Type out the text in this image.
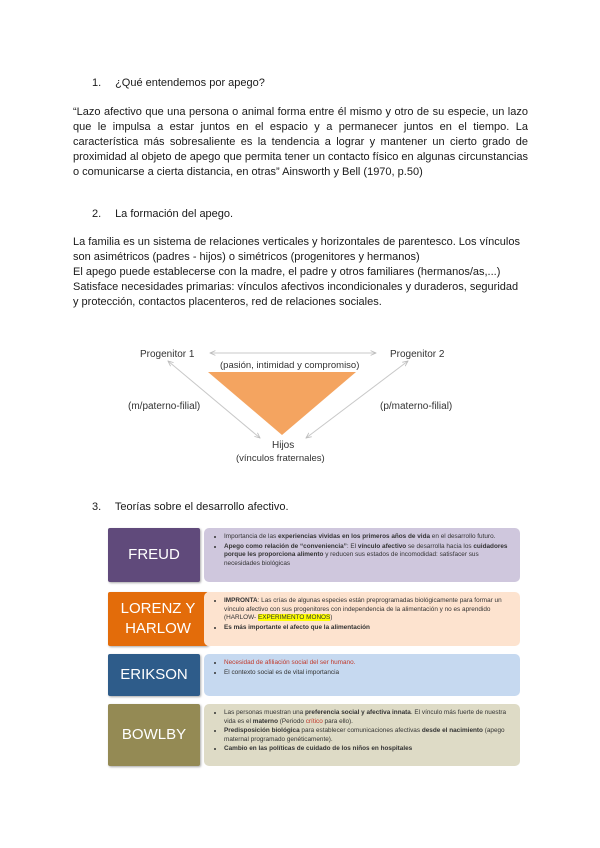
1. ¿Qué entendemos por apego?

“Lazo afectivo que una persona o animal forma entre él mismo y otro de su especie, un lazo que le impulsa a estar juntos en el espacio y a permanecer juntos en el tiempo. La característica más sobresaliente es la tendencia a lograr y mantener un cierto grado de proximidad al objeto de apego que permita tener un contacto físico en algunas circunstancias o comunicarse a cierta distancia, en otras” Ainsworth y Bell (1970, p.50)

2. La formación del apego.
La familia es un sistema de relaciones verticales y horizontales de parentesco. Los vínculos
son asimétricos (padres - hijos) o simétricos (progenitores y hermanos)
El apego puede establecerse con la madre, el padre y otros familiares (hermanos/as,...)
Satisface necesidades primarias: vínculos afectivos incondicionales y duraderos, seguridad
y protección, contactos placenteros, red de relaciones sociales.
Progenitor 1	Progenitor 2
(pasión, intimidad y compromiso)
(m/paterno-filial)	(p/materno-filial)
Hijos
(vínculos fraternales)
3. Teorías sobre el desarrollo afectivo.
FREUD
• Importancia de las experiencias vividas en los primeros años de vida en el desarrollo futuro.
• Apego como relación de “conveniencia”: El vínculo afectivo se desarrolla hacia los cuidadores porque les proporciona alimento y reducen sus estados de incomodidad: satisfacer sus necesidades biológicas
LORENZ Y HARLOW
• IMPRONTA: Las crías de algunas especies están preprogramadas biológicamente para formar un vínculo afectivo con sus progenitores con independencia de la alimentación y no es aprendido (HARLOW- EXPERIMENTO MONOS)
• Es más importante el afecto que la alimentación
ERIKSON
• Necesidad de afiliación social del ser humano.
• El contexto social es de vital importancia
BOWLBY
• Las personas muestran una preferencia social y afectiva innata. El vínculo más fuerte de nuestra vida es el materno (Periodo crítico para ello).
• Predisposición biológica para establecer comunicaciones afectivas desde el nacimiento (apego maternal programado genéticamente).
• Cambio en las políticas de cuidado de los niños en hospitales
